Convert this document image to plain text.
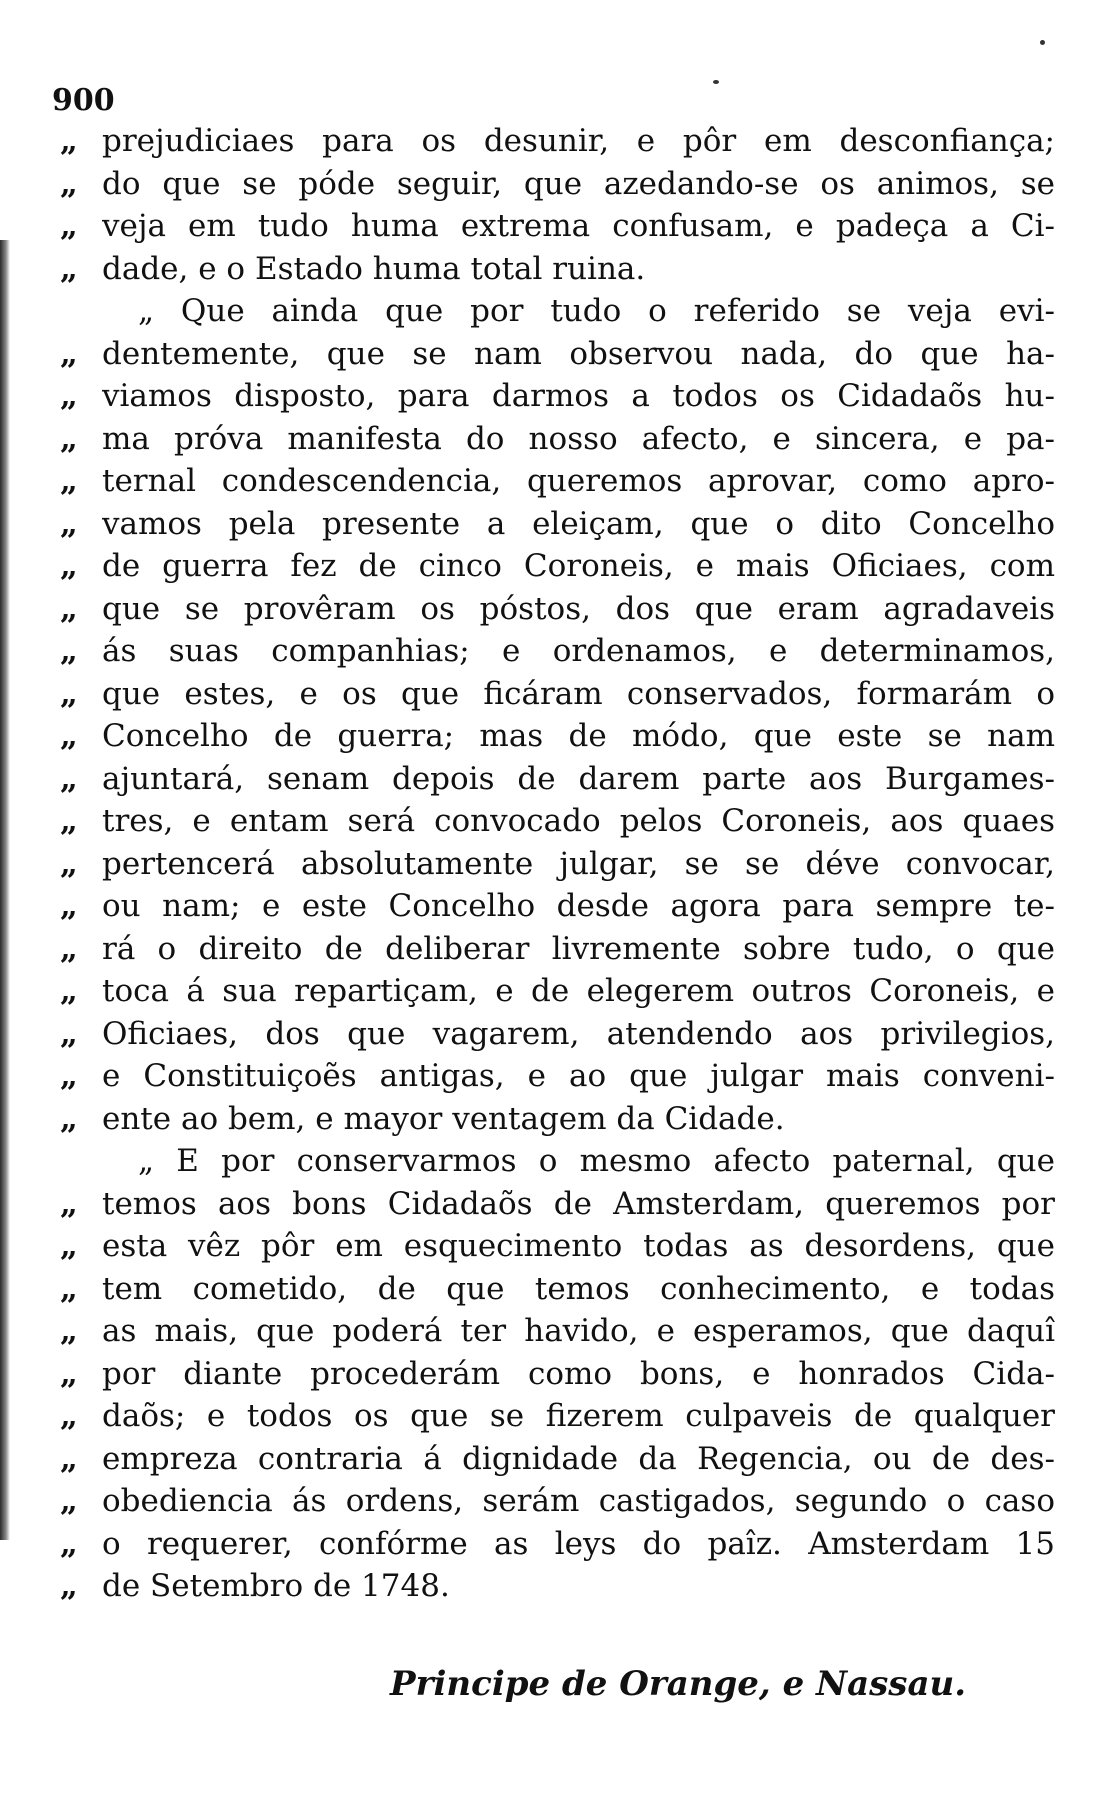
900
„ prejudiciaes para os desunir, e pôr em desconfiança;
„ do que se póde seguir, que azedando-se os animos, se
„ veja em tudo huma extrema confusam, e padeça a Ci-
„ dade, e o Estado huma total ruina.
„ Que ainda que por tudo o referido se veja evi-
„ dentemente, que se nam observou nada, do que ha-
„ viamos disposto, para darmos a todos os Cidadaõs hu-
„ ma próva manifesta do nosso afecto, e sincera, e pa-
„ ternal condescendencia, queremos aprovar, como apro-
„ vamos pela presente a eleiçam, que o dito Concelho
„ de guerra fez de cinco Coroneis, e mais Oficiaes, com
„ que se provêram os póstos, dos que eram agradaveis
„ ás suas companhias; e ordenamos, e determinamos,
„ que estes, e os que ficáram conservados, formarám o
„ Concelho de guerra; mas de módo, que este se nam
„ ajuntará, senam depois de darem parte aos Burgames-
„ tres, e entam será convocado pelos Coroneis, aos quaes
„ pertencerá absolutamente julgar, se se déve convocar,
„ ou nam; e este Concelho desde agora para sempre te-
„ rá o direito de deliberar livremente sobre tudo, o que
„ toca á sua repartiçam, e de elegerem outros Coroneis, e
„ Oficiaes, dos que vagarem, atendendo aos privilegios,
„ e Constituiçoẽs antigas, e ao que julgar mais conveni-
„ ente ao bem, e mayor ventagem da Cidade.
„ E por conservarmos o mesmo afecto paternal, que
„ temos aos bons Cidadaõs de Amsterdam, queremos por
„ esta vêz pôr em esquecimento todas as desordens, que
„ tem cometido, de que temos conhecimento, e todas
„ as mais, que poderá ter havido, e esperamos, que daquî
„ por diante procederám como bons, e honrados Cida-
„ daõs; e todos os que se fizerem culpaveis de qualquer
„ empreza contraria á dignidade da Regencia, ou de des-
„ obediencia ás ordens, serám castigados, segundo o caso
„ o requerer, confórme as leys do paîz. Amsterdam 15
„ de Setembro de 1748.
Principe de Orange, e Nassau.
